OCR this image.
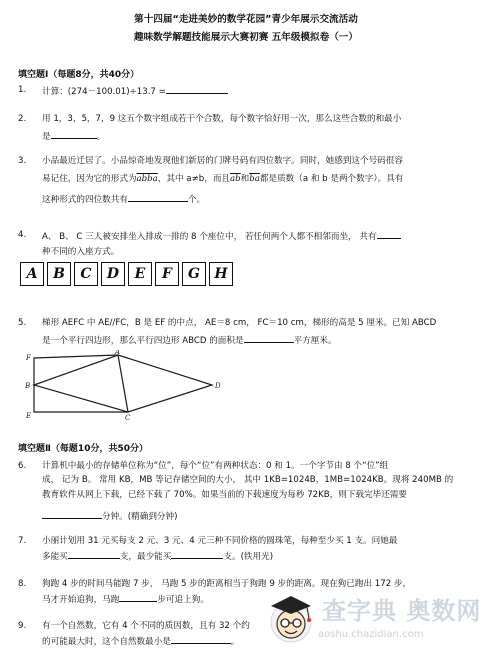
第十四届“走进美妙的数学花园”青少年展示交流活动
趣味数学解题技能展示大赛初赛 五年级模拟卷（一）
填空题Ⅰ（每题8分，共40分）
1.	计算：(274－100.01)÷13.7 =
2.	用 1，3，5，7，9 这五个数字组成若干个合数，每个数字恰好用一次，那么这些合数的和最小
是	。
3.	小品最近迁居了。小品惊奇地发现他们新居的门牌号码有四位数字。同时，她感到这个号码很容
易记住，因为它的形式为abba，其中 a≠b，而且$\overline{ab}$和$\overline{ba}$都是质数（a 和 b 是两个数字）。具有
这种形式的四位数共有	个。
4.	A、 B、 C 三人被安排坐入排成一排的 8 个座位中， 若任何两个人都不相邻而坐， 共有
种不同的入座方式。
A	B	C	D	E	F	G	H
5.	梯形 AEFC 中 AE//FC，B 是 EF 的中点， AE＝8 cm， FC＝10 cm，梯形的高是 5 厘米。已知 ABCD
是一个平行四边形，那么平行四边形 ABCD 的面积是	平方厘米。
F
A
B	D
E	C
填空题Ⅱ（每题10分，共50分）
6.	计算机中最小的存储单位称为“位”，每个“位”有两种状态：0 和 1。一个字节由 8 个“位”组
成， 记为 B。 常用 KB，MB 等记存储空间的大小， 其中 1KB=1024B，1MB=1024KB。现将 240MB 的
教育软件从网上下载，已经下载了 70%。如果当前的下载速度为每秒 72KB，则下载完毕还需要
分钟。(精确到分钟)
7.	小丽计划用 31 元买每支 2 元、3 元、4 元三种不同价格的圆珠笔，每种至少买 1 支。问她最
多能买	支，最少能买	支。(铁用光)
8.	狗跑 4 步的时间马能跑 7 步， 马跑 5 步的距离相当于狗跑 9 步的距离。现在狗已跑出 172 步，
马才开始追狗，马跑	步可追上狗。
9.	有一个自然数，它有 4 个不同的质因数，且有 32 个约
的可能最大时，这个自然数最小是	。
查字典 奥数网
aoshu.chazidian.com
